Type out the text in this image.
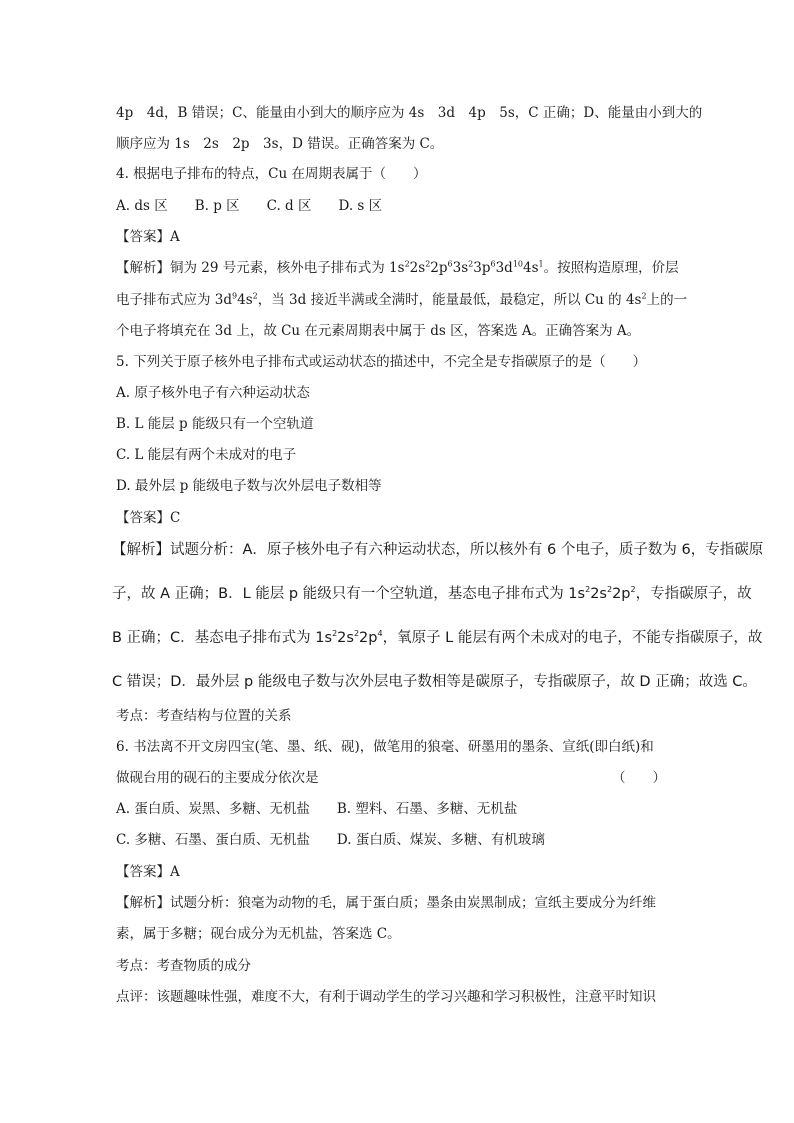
4p　4d，B 错误；C、能量由小到大的顺序应为 4s　3d　4p　5s，C 正确；D、能量由小到大的
顺序应为 1s　2s　2p　3s，D 错误。正确答案为 C。
4. 根据电子排布的特点，Cu 在周期表属于（　　）
A. ds 区　　B. p 区　　C. d 区　　D. s 区
【答案】A
【解析】铜为 29 号元素，核外电子排布式为 $1s^22s^22p^63s^23p^63d^{10}4s^1$。按照构造原理，价层
电子排布式应为 $3d^94s^2$，当 3d 接近半满或全满时，能量最低，最稳定，所以 Cu 的 $4s^2$上的一
个电子将填充在 3d 上，故 Cu 在元素周期表中属于 ds 区，答案选 A。正确答案为 A。
5. 下列关于原子核外电子排布式或运动状态的描述中，不完全是专指碳原子的是（　　）
A. 原子核外电子有六种运动状态
B. L 能层 p 能级只有一个空轨道
C. L 能层有两个未成对的电子
D. 最外层 p 能级电子数与次外层电子数相等
【答案】C
【解析】试题分析：A．原子核外电子有六种运动状态，所以核外有 6 个电子，质子数为 6，专指碳原
子，故 A 正确；B．L 能层 p 能级只有一个空轨道，基态电子排布式为 $1s^22s^22p^2$，专指碳原子，故
B 正确；C．基态电子排布式为 $1s^22s^22p^4$，氧原子 L 能层有两个未成对的电子，不能专指碳原子，故
C 错误；D．最外层 p 能级电子数与次外层电子数相等是碳原子，专指碳原子，故 D 正确；故选 C。
考点：考查结构与位置的关系
6. 书法离不开文房四宝(笔、墨、纸、砚)，做笔用的狼毫、研墨用的墨条、宣纸(即白纸)和
做砚台用的砚石的主要成分依次是	（　　）
A. 蛋白质、炭黑、多糖、无机盐　　B. 塑料、石墨、多糖、无机盐
C. 多糖、石墨、蛋白质、无机盐　　D. 蛋白质、煤炭、多糖、有机玻璃
【答案】A
【解析】试题分析：狼毫为动物的毛，属于蛋白质；墨条由炭黑制成；宣纸主要成分为纤维
素，属于多糖；砚台成分为无机盐，答案选 C。
考点：考查物质的成分
点评：该题趣味性强，难度不大，有利于调动学生的学习兴趣和学习积极性，注意平时知识
